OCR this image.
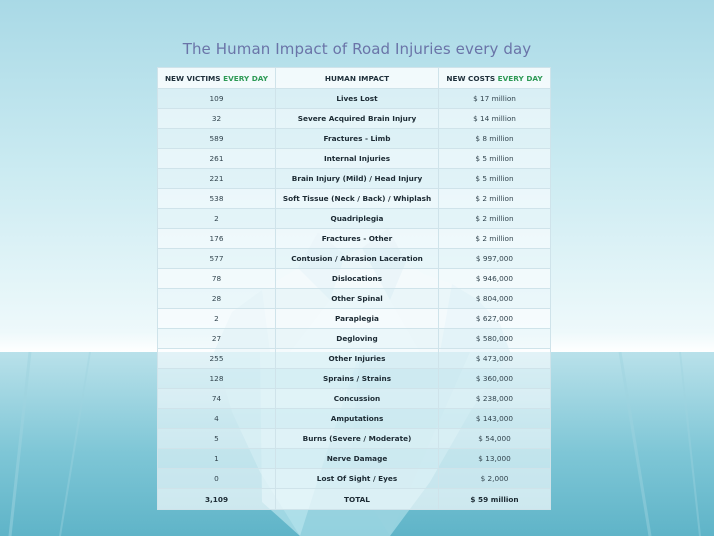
The Human Impact of Road Injuries every day
NEW VICTIMS EVERY DAY	HUMAN IMPACT	NEW COSTS EVERY DAY
109	Lives Lost	$ 17 million
32	Severe Acquired Brain Injury	$ 14 million
589	Fractures - Limb	$ 8 million
261	Internal Injuries	$ 5 million
221	Brain Injury (Mild) / Head Injury	$ 5 million
538	Soft Tissue (Neck / Back) / Whiplash	$ 2 million
2	Quadriplegia	$ 2 million
176	Fractures - Other	$ 2 million
577	Contusion / Abrasion Laceration	$ 997,000
78	Dislocations	$ 946,000
28	Other Spinal	$ 804,000
2	Paraplegia	$ 627,000
27	Degloving	$ 580,000
255	Other Injuries	$ 473,000
128	Sprains / Strains	$ 360,000
74	Concussion	$ 238,000
4	Amputations	$ 143,000
5	Burns (Severe / Moderate)	$ 54,000
1	Nerve Damage	$ 13,000
0	Lost Of Sight / Eyes	$ 2,000
3,109	TOTAL	$ 59 million
